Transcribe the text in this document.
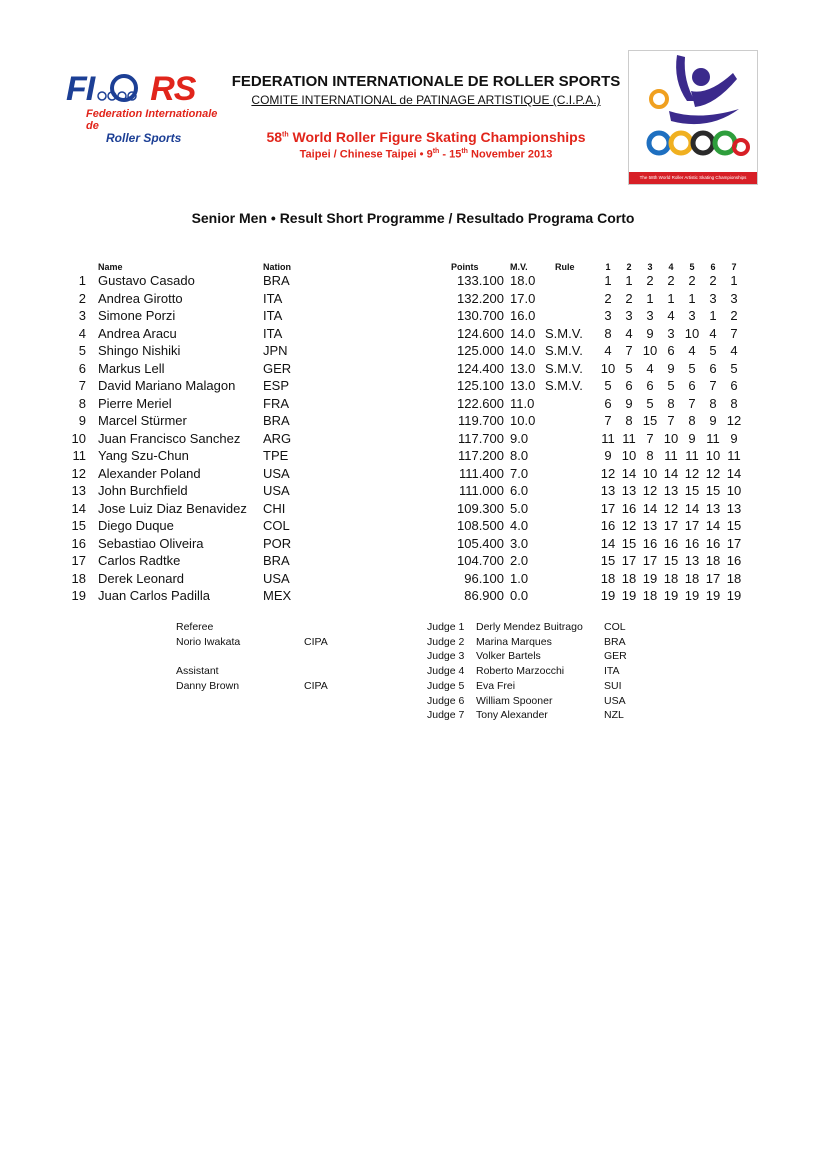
FI RS
Federation Internationale de
Roller Sports
FEDERATION INTERNATIONALE DE ROLLER SPORTS
COMITE INTERNATIONAL de PATINAGE ARTISTIQUE (C.I.P.A.)
58th World Roller Figure Skating Championships
Taipei / Chinese Taipei • 9th - 15th November 2013
The 58th World Roller Artistic Skating Championships
Senior Men • Result Short Programme / Resultado Programa Corto
Name	Nation	Points	M.V.	Rule	1	2	3	4	5	6	7
1 Gustavo Casado	BRA	133.100 18.0	1	1	2	2	2	2	1
2 Andrea Girotto	ITA	132.200 17.0	2	2	1	1	1	3	3
3 Simone Porzi	ITA	130.700 16.0	3	3	3	4	3	1	2
4 Andrea Aracu	ITA	124.600 14.0 S.M.V.	8	4	9	3 10 4	7
5 Shingo Nishiki	JPN	125.000 14.0 S.M.V.	4	7 10 6	4	5	4
6 Markus Lell	GER	124.400 13.0 S.M.V. 10 5	4	9	5	6	5
7 David Mariano Malagon ESP	125.100 13.0 S.M.V.	5	6	6	5	6	7	6
8 Pierre Meriel	FRA	122.600 11.0	6	9	5	8	7	8	8
9 Marcel Stürmer	BRA	119.700 10.0	7	8 15 7	8	9 12
10 Juan Francisco Sanchez ARG	117.700 9.0	11 11 7 10 9 11 9
11 Yang Szu-Chun	TPE	117.200 8.0	9 10 8 11 11 10 11
12 Alexander Poland	USA	111.400 7.0	12 14 10 14 12 12 14
13 John Burchfield	USA	111.000 6.0	13 13 12 13 15 15 10
14 Jose Luiz Diaz Benavidez CHI	109.300 5.0	17 16 14 12 14 13 13
15 Diego Duque	COL	108.500 4.0	16 12 13 17 17 14 15
16 Sebastiao Oliveira	POR	105.400 3.0	14 15 16 16 16 16 17
17 Carlos Radtke	BRA	104.700 2.0	15 17 17 15 13 18 16
18 Derek Leonard	USA	96.100 1.0	18 18 19 18 18 17 18
19 Juan Carlos Padilla	MEX	86.900 0.0	19 19 18 19 19 19 19
Referee
Norio Iwakata	CIPA
Assistant
Danny Brown	CIPA
Judge 1 Derly Mendez Buitrago COL
Judge 2 Marina Marques	BRA
Judge 3 Volker Bartels	GER
Judge 4 Roberto Marzocchi	ITA
Judge 5 Eva Frei	SUI
Judge 6 William Spooner	USA
Judge 7 Tony Alexander	NZL
